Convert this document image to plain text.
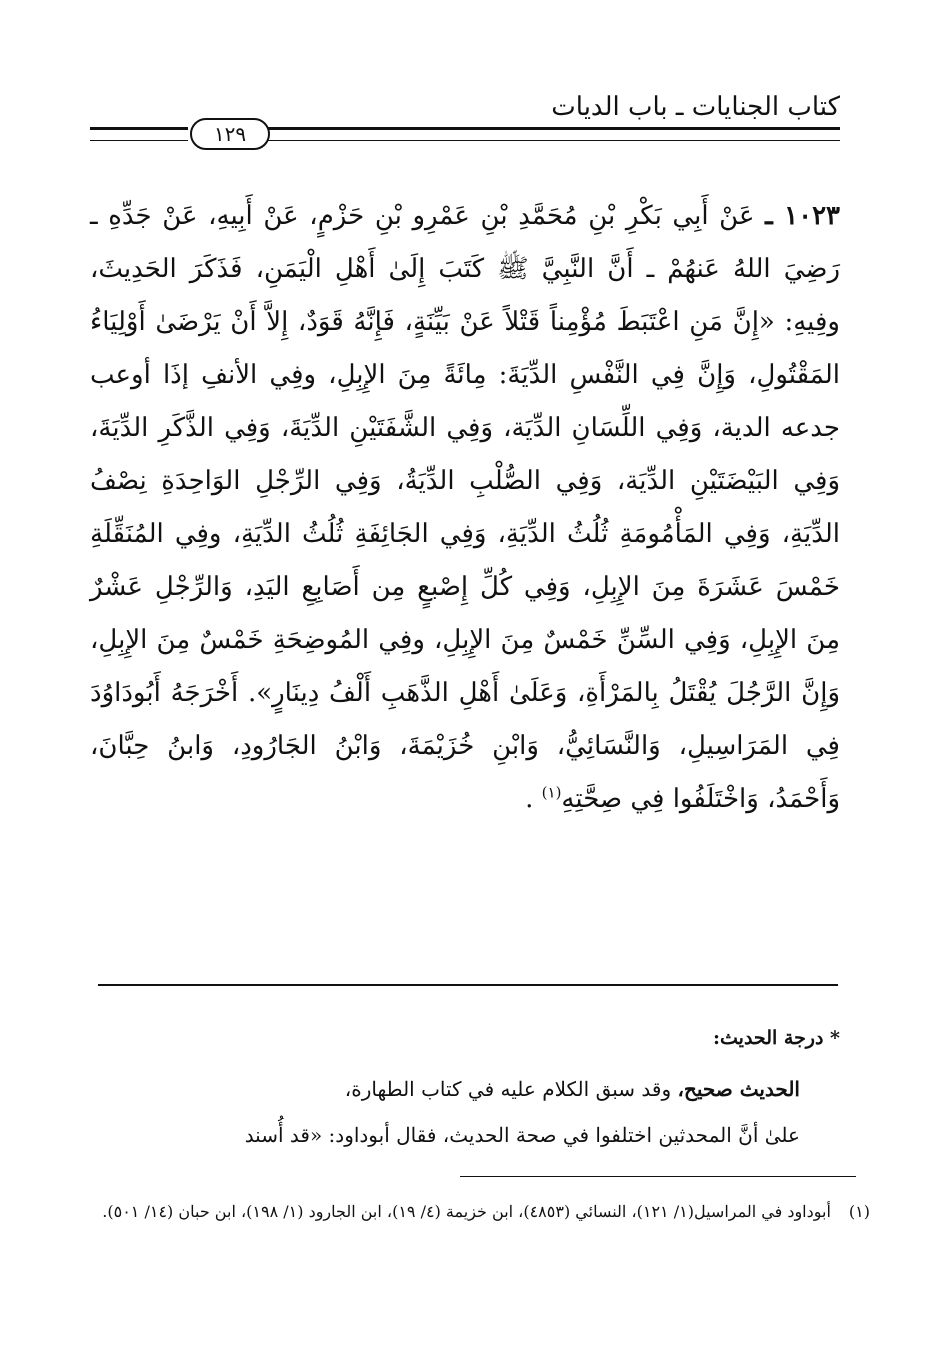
كتاب الجنايات ـ باب الديات
١٢٩
١٠٢٣ ـ عَنْ أَبِي بَكْرِ بْنِ مُحَمَّدِ بْنِ عَمْرِو بْنِ حَزْمٍ، عَنْ أَبِيهِ، عَنْ جَدِّهِ ـ رَضِيَ اللهُ عَنهُمْ ـ أَنَّ النَّبِيَّ ﷺ كَتَبَ إِلَىٰ أَهْلِ الْيَمَنِ، فَذَكَرَ الحَدِيثَ، وفِيهِ: «إِنَّ مَنِ اعْتَبَطَ مُؤْمِناً قَتْلاً عَنْ بَيِّنَةٍ، فَإِنَّهُ قَوَدٌ، إِلاَّ أَنْ يَرْضَىٰ أَوْلِيَاءُ المَقْتُولِ، وَإِنَّ فِي النَّفْسِ الدِّيَةَ: مِائَةً مِنَ الإِبِلِ، وفِي الأنفِ إذَا أوعب جدعه الدية، وَفِي اللِّسَانِ الدِّيَة، وَفِي الشَّفَتَيْنِ الدِّيَةَ، وَفِي الذَّكَرِ الدِّيَةَ، وَفِي البَيْضَتَيْنِ الدِّيَة، وَفِي الصُّلْبِ الدِّيَةُ، وَفِي الرِّجْلِ الوَاحِدَةِ نِصْفُ الدِّيَةِ، وَفِي المَأْمُومَةِ ثُلُثُ الدِّيَةِ، وَفِي الجَائِفَةِ ثُلُثُ الدِّيَةِ، وفِي المُنَقِّلَةِ خَمْسَ عَشَرَةَ مِنَ الإِبِلِ، وَفِي كُلِّ إِصْبعٍ مِن أَصَابِعِ اليَدِ، وَالرِّجْلِ عَشْرٌ مِنَ الإِبِلِ، وَفِي السِّنِّ خَمْسٌ مِنَ الإِبِلِ، وفِي المُوضِحَةِ خَمْسٌ مِنَ الإِبِلِ، وَإِنَّ الرَّجُلَ يُقْتَلُ بِالمَرْأَةِ، وَعَلَىٰ أَهْلِ الذَّهَبِ أَلْفُ دِينَارٍ». أَخْرَجَهُ أَبُودَاوُدَ فِي المَرَاسِيلِ، وَالنَّسَائِيُّ، وَابْنِ خُزَيْمَةَ، وَابْنُ الجَارُودِ، وَابنُ حِبَّانَ، وَأَحْمَدُ، وَاخْتَلَفُوا فِي صِحَّتِهِ$^{(١)}$ .
* درجة الحديث:
الحديث صحيح، وقد سبق الكلام عليه في كتاب الطهارة،
علىٰ أنَّ المحدثين اختلفوا في صحة الحديث، فقال أبوداود: «قد أُسند
(١)أبوداود في المراسيل(١/ ١٢١)، النسائي (٤٨٥٣)، ابن خزيمة (٤/ ١٩)، ابن الجارود (١/ ١٩٨)، ابن حبان (١٤/ ٥٠١).
